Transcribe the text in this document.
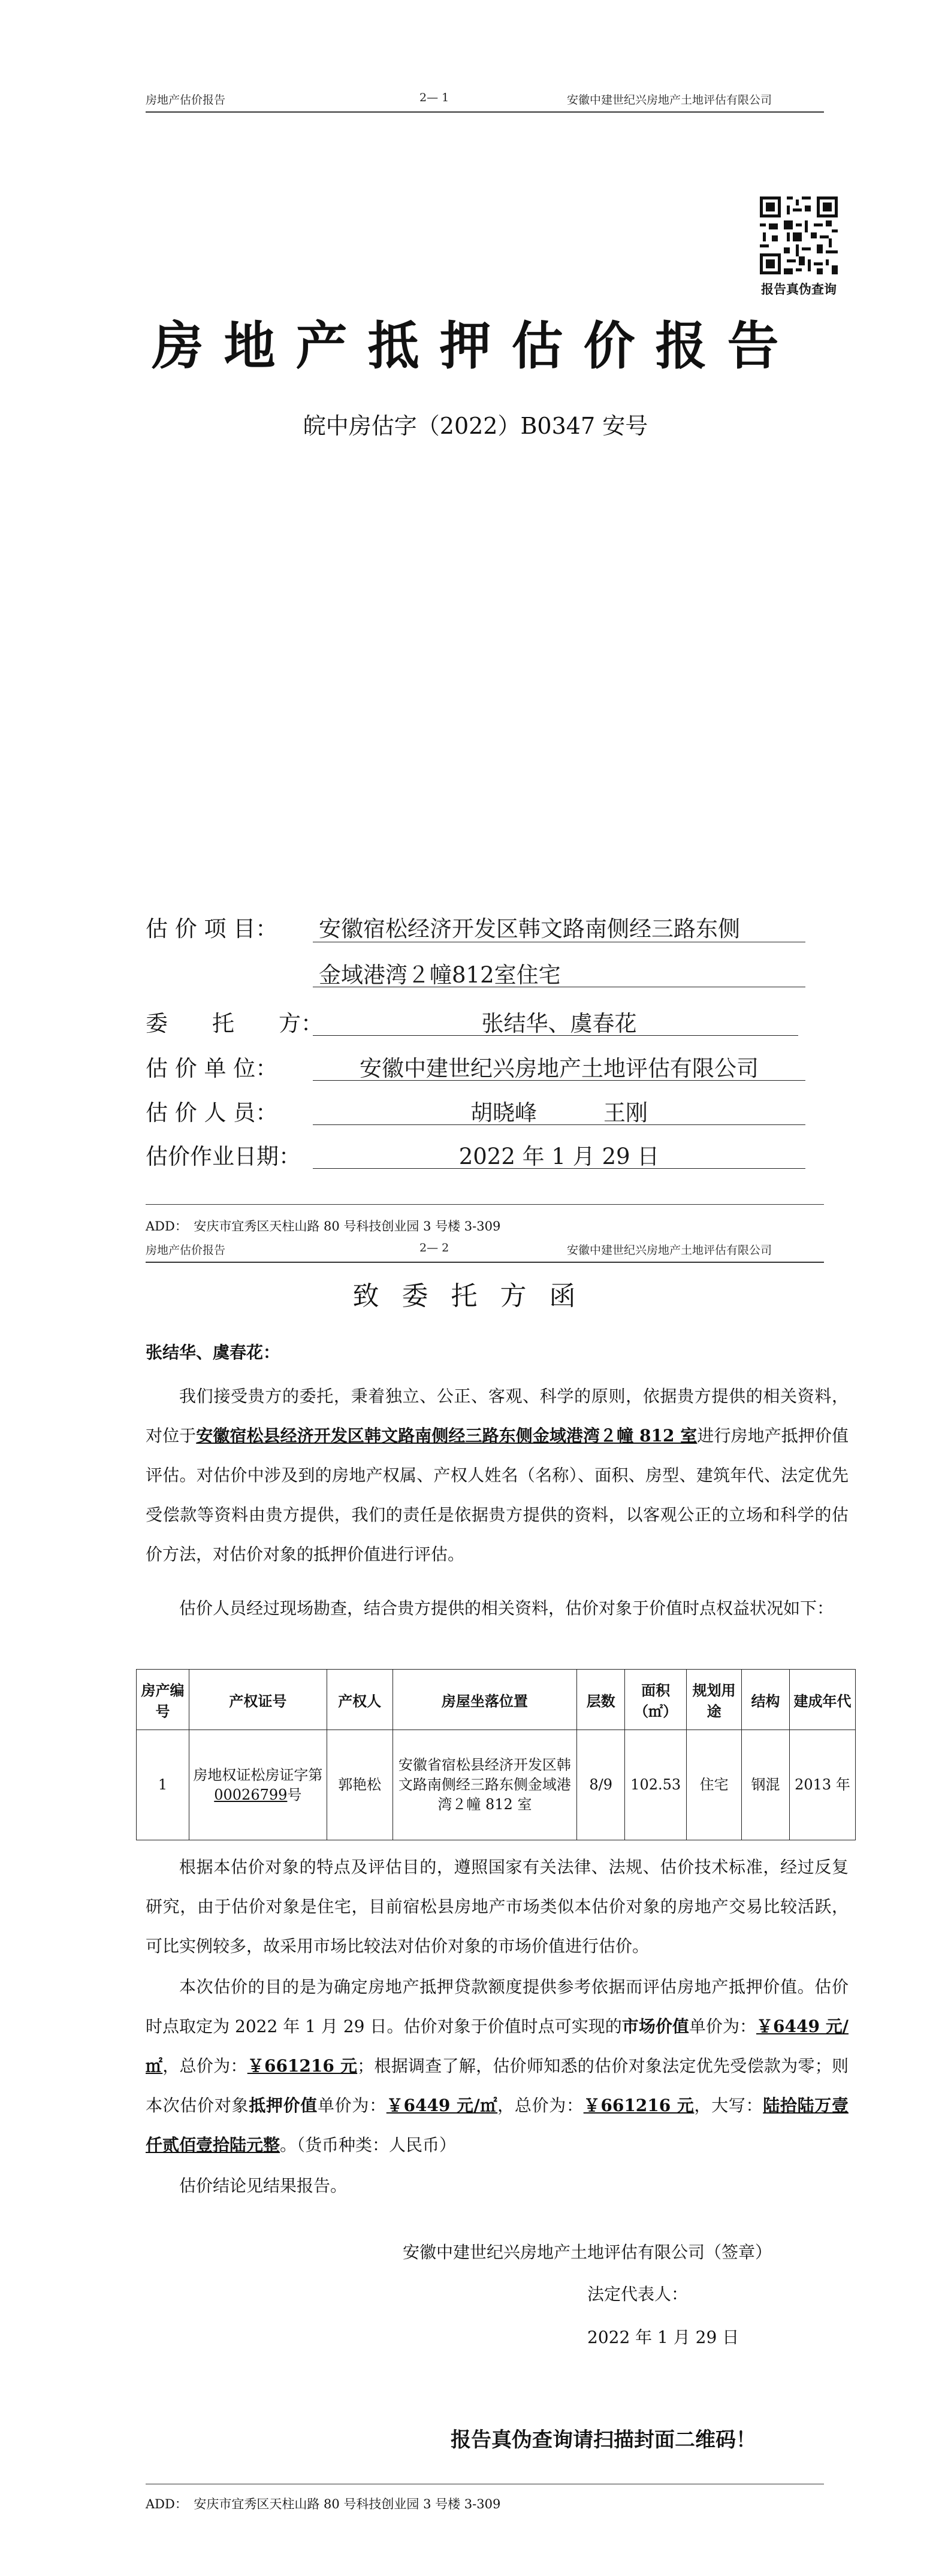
房地产估价报告	2— 1	安徽中建世纪兴房地产土地评估有限公司
报告真伪查询
房地产抵押估价报告
皖中房估字（2022）B0347 安号
估 价 项 目： 安徽宿松经济开发区韩文路南侧经三路东侧
金域港湾２幢812室住宅
委　　托　　方：	张结华、虞春花
估 价 单 位：	安徽中建世纪兴房地产土地评估有限公司
估 价 人 员：	胡晓峰　　　王刚
估价作业日期：	2022 年 1 月 29 日
ADD：　安庆市宜秀区天柱山路 80 号科技创业园 3 号楼 3-309
房地产估价报告	2— 2	安徽中建世纪兴房地产土地评估有限公司
致委托方函
张结华、虞春花：
我们接受贵方的委托，秉着独立、公正、客观、科学的原则，依据贵方提供的相关资料，对位于安徽宿松县经济开发区韩文路南侧经三路东侧金域港湾２幢 812 室进行房地产抵押价值评估。对估价中涉及到的房地产权属、产权人姓名（名称）、面积、房型、建筑年代、法定优先受偿款等资料由贵方提供，我们的责任是依据贵方提供的资料，以客观公正的立场和科学的估价方法，对估价对象的抵押价值进行评估。
估价人员经过现场勘查，结合贵方提供的相关资料，估价对象于价值时点权益状况如下：
房产编号	产权证号	产权人	房屋坐落位置	层数	面积（㎡）	规划用途	结构	建成年代
1	房地权证松房证字第00026799号	郭艳松	安徽省宿松县经济开发区韩文路南侧经三路东侧金域港湾２幢 812 室	8/9	102.53	住宅	钢混	2013 年
根据本估价对象的特点及评估目的，遵照国家有关法律、法规、估价技术标准，经过反复研究，由于估价对象是住宅，目前宿松县房地产市场类似本估价对象的房地产交易比较活跃，可比实例较多，故采用市场比较法对估价对象的市场价值进行估价。
本次估价的目的是为确定房地产抵押贷款额度提供参考依据而评估房地产抵押价值。估价时点取定为 2022 年 1 月 29 日。估价对象于价值时点可实现的市场价值单价为：￥6449 元/㎡，总价为：￥661216 元；根据调查了解，估价师知悉的估价对象法定优先受偿款为零；则本次估价对象抵押价值单价为：￥6449 元/㎡，总价为：￥661216 元，大写：陆拾陆万壹仟贰佰壹拾陆元整。（货币种类：人民币）
估价结论见结果报告。
安徽中建世纪兴房地产土地评估有限公司（签章）
法定代表人：
2022 年 1 月 29 日
报告真伪查询请扫描封面二维码！
ADD：　安庆市宜秀区天柱山路 80 号科技创业园 3 号楼 3-309
